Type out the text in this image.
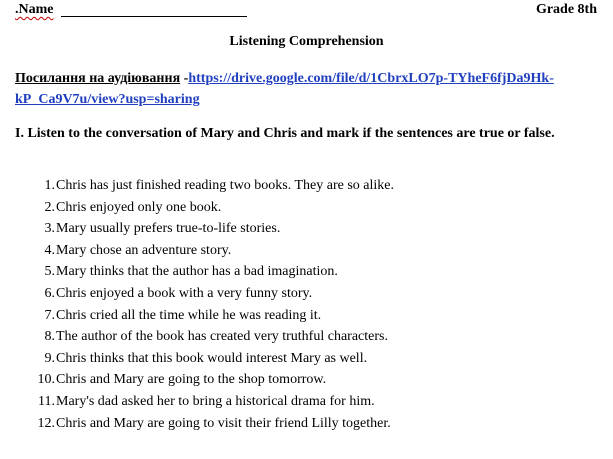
.Name	Grade 8th
Listening Comprehension
Посилання на аудіювання -https://drive.google.com/file/d/1CbrxLO7p-TYheF6fjDa9Hk-kP_Ca9V7u/view?usp=sharing
I. Listen to the conversation of Mary and Chris and mark if the sentences are true or false.
1. Chris has just finished reading two books. They are so alike.
2. Chris enjoyed only one book.
3. Mary usually prefers true-to-life stories.
4. Mary chose an adventure story.
5. Mary thinks that the author has a bad imagination.
6. Chris enjoyed a book with a very funny story.
7. Chris cried all the time while he was reading it.
8. The author of the book has created very truthful characters.
9. Chris thinks that this book would interest Mary as well.
10. Chris and Mary are going to the shop tomorrow.
11. Mary's dad asked her to bring a historical drama for him.
12. Chris and Mary are going to visit their friend Lilly together.
